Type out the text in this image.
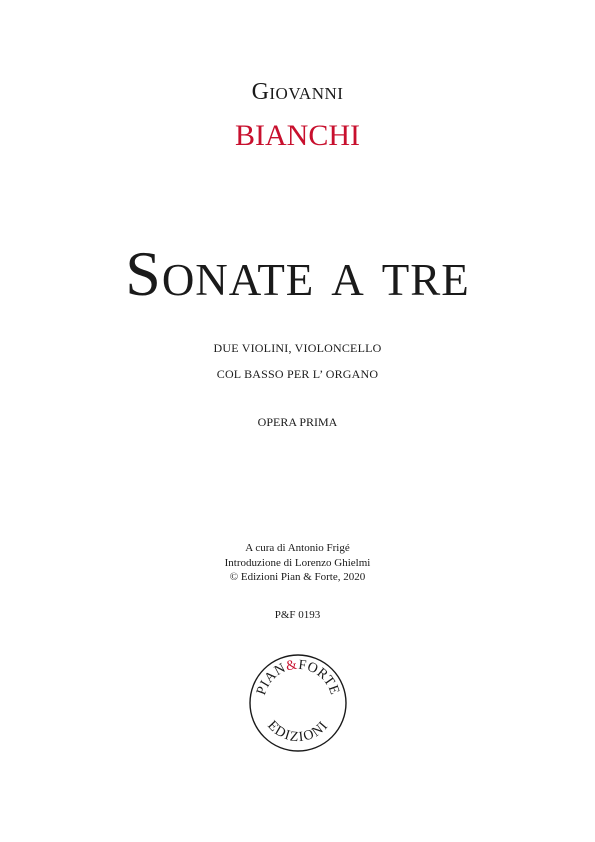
Giovanni
BIANCHI
Sonate a tre
DUE VIOLINI, VIOLONCELLO
COL BASSO PER L’ ORGANO
OPERA PRIMA
A cura di Antonio Frigé
Introduzione di Lorenzo Ghielmi
© Edizioni Pian & Forte, 2020
P&F 0193
PIAN&FORTE
EDIZIONI
